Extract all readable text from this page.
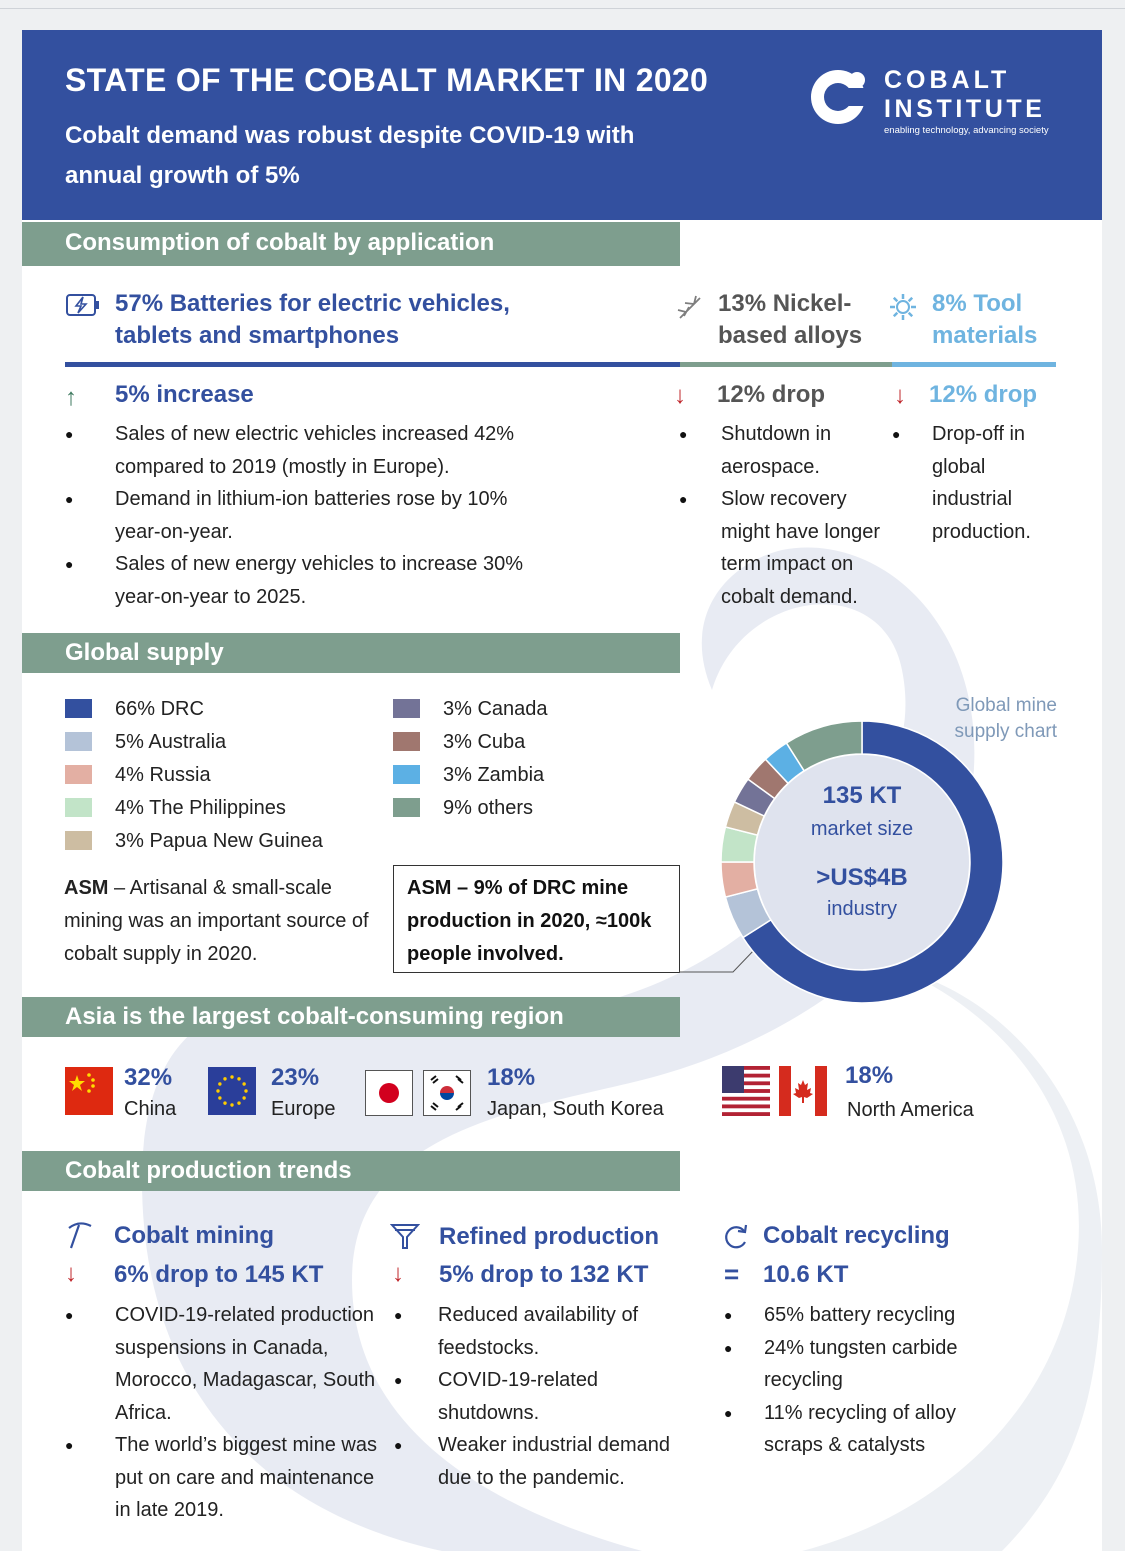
STATE OF THE COBALT MARKET IN 2020
Cobalt demand was robust despite COVID-19 with annual growth of 5%
COBALT
INSTITUTE
enabling technology, advancing society
Consumption of cobalt by application
57% Batteries for electric vehicles, tablets and smartphones
↑ 5% increase
● Sales of new electric vehicles increased 42% compared to 2019 (mostly in Europe).
● Demand in lithium-ion batteries rose by 10% year-on-year.
● Sales of new energy vehicles to increase 30% year-on-year to 2025.
13% Nickel-based alloys
↓ 12% drop
● Shutdown in aerospace.
● Slow recovery might have longer term impact on cobalt demand.
8% Tool materials
↓ 12% drop
● Drop-off in global industrial production.
Global supply
66% DRC
5% Australia
4% Russia
4% The Philippines
3% Papua New Guinea
3% Canada
3% Cuba
3% Zambia
9% others
ASM – Artisanal & small-scale mining was an important source of cobalt supply in 2020.
ASM – 9% of DRC mine production in 2020, ≈100k people involved.
Global mine supply chart
135 KT
market size
>US$4B
industry
Asia is the largest cobalt-consuming region
32%
China
23%
Europe
18%
Japan, South Korea
18%
North America
Cobalt production trends
Cobalt mining
↓ 6% drop to 145 KT
● COVID-19-related production suspensions in Canada, Morocco, Madagascar, South Africa.
● The world’s biggest mine was put on care and maintenance in late 2019.
Refined production
↓ 5% drop to 132 KT
● Reduced availability of feedstocks.
● COVID-19-related shutdowns.
● Weaker industrial demand due to the pandemic.
Cobalt recycling
= 10.6 KT
● 65% battery recycling
● 24% tungsten carbide recycling
● 11% recycling of alloy scraps & catalysts
